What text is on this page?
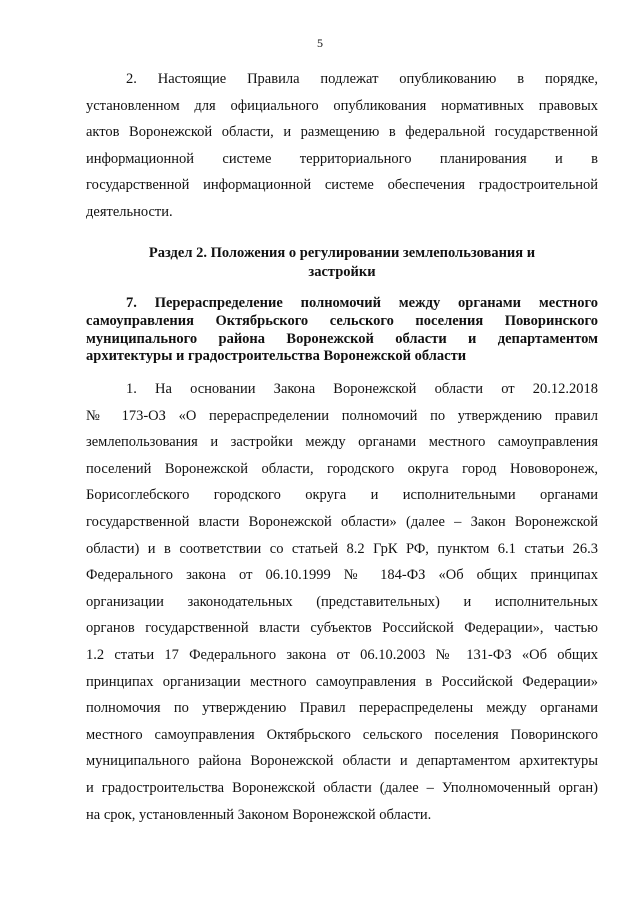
5
2. Настоящие Правила подлежат опубликованию в порядке,
установленном для официального опубликования нормативных правовых
актов Воронежской области, и размещению в федеральной государственной
информационной системе территориального планирования и в
государственной информационной системе обеспечения градостроительной
деятельности.
Раздел 2. Положения о регулировании землепользования и
застройки
7. Перераспределение полномочий между органами местного
самоуправления Октябрьского сельского поселения Поворинского
муниципального района Воронежской области и департаментом
архитектуры и градостроительства Воронежской области
1. На основании Закона Воронежской области от 20.12.2018
№ 173-ОЗ «О перераспределении полномочий по утверждению правил
землепользования и застройки между органами местного самоуправления
поселений Воронежской области, городского округа город Нововоронеж,
Борисоглебского городского округа и исполнительными органами
государственной власти Воронежской области» (далее – Закон Воронежской
области) и в соответствии со статьей 8.2 ГрК РФ, пунктом 6.1 статьи 26.3
Федерального закона от 06.10.1999 № 184-ФЗ «Об общих принципах
организации законодательных (представительных) и исполнительных
органов государственной власти субъектов Российской Федерации», частью
1.2 статьи 17 Федерального закона от 06.10.2003 № 131-ФЗ «Об общих
принципах организации местного самоуправления в Российской Федерации»
полномочия по утверждению Правил перераспределены между органами
местного самоуправления Октябрьского сельского поселения Поворинского
муниципального района Воронежской области и департаментом архитектуры
и градостроительства Воронежской области (далее – Уполномоченный орган)
на срок, установленный Законом Воронежской области.
